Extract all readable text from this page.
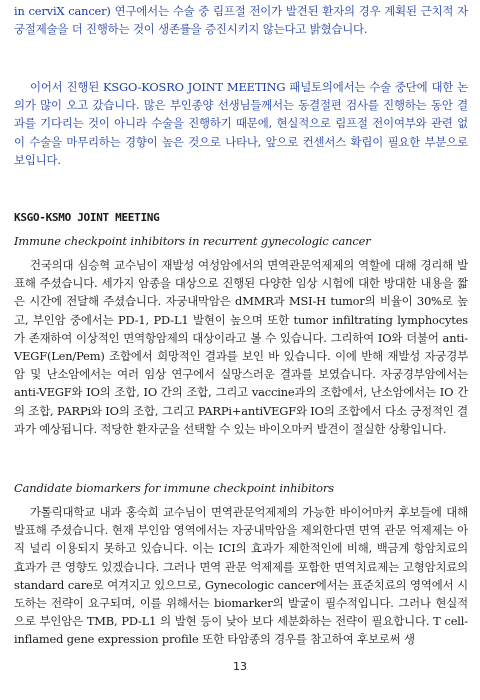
in cerviX cancer) 연구에서는 수술 중 림프절 전이가 발견된 환자의 경우 계획된 근치적 자궁절제술을 더 진행하는 것이 생존률을 증진시키지 않는다고 밝혔습니다.

이어서 진행된 KSGO-KOSRO JOINT MEETING 패널토의에서는 수술 중단에 대한 논의가 많이 오고 갔습니다. 많은 부인종양 선생님들께서는 동결절편 검사를 진행하는 동안 결과를 기다리는 것이 아니라 수술을 진행하기 때문에, 현실적으로 림프절 전이여부와 관련 없이 수술을 마무리하는 경향이 높은 것으로 나타나, 앞으로 컨센서스 확립이 필요한 부분으로 보입니다.

KSGO-KSMO JOINT MEETING

Immune checkpoint inhibitors in recurrent gynecologic cancer

건국의대 심승혁 교수님이 재발성 여성암에서의 면역관문억제제의 역할에 대해 경리해 발표해 주셨습니다. 세가지 암종을 대상으로 진행된 다양한 임상 시험에 대한 방대한 내용을 짧은 시간에 전달해 주셨습니다. 자궁내막암은 dMMR과 MSI-H tumor의 비율이 30%로 높고, 부인암 중에서는 PD-1, PD-L1 발현이 높으며 또한 tumor infiltrating lymphocytes 가 존재하여 이상적인 면역항암제의 대상이라고 볼 수 있습니다. 그리하여 IO와 더불어 anti-VEGF(Len/Pem) 조합에서 희망적인 결과를 보인 바 있습니다. 이에 반해 재발성 자궁경부암 및 난소암에서는 여러 임상 연구에서 실망스러운 결과를 보였습니다. 자궁경부암에서는 anti-VEGF와 IO의 조합, IO 간의 조합, 그리고 vaccine과의 조합에서, 난소암에서는 IO 간의 조합, PARPi와 IO의 조합, 그리고 PARPi+antiVEGF와 IO의 조합에서 다소 긍정적인 결과가 예상됩니다. 적당한 환자군을 선택할 수 있는 바이오마커 발견이 절실한 상황입니다.

Candidate biomarkers for immune checkpoint inhibitors

가톨릭대학교 내과 홍숙희 교수님이 면역관문억제제의 가능한 바이어마커 후보들에 대해 발표해 주셨습니다. 현재 부인암 영역에서는 자궁내막암을 제외한다면 면역 관문 억제제는 아직 널리 이용되지 못하고 있습니다. 이는 ICI의 효과가 제한적인에 비해, 백금계 항암치료의 효과가 큰 영향도 있겠습니다. 그러나 면역 관문 억제제를 포함한 면역치료제는 고형암치료의 standard care로 여겨지고 있으므로, Gynecologic cancer에서는 표준치료의 영역에서 시도하는 전략이 요구되며, 이를 위해서는 biomarker의 발굴이 필수적입니다. 그러나 현실적으로 부인암은 TMB, PD-L1 의 발현 등이 낮아 보다 세분화하는 전략이 필요합니다. T cell-inflamed gene expression profile 또한 타암종의 경우를 참고하여 후보로써 생

13
